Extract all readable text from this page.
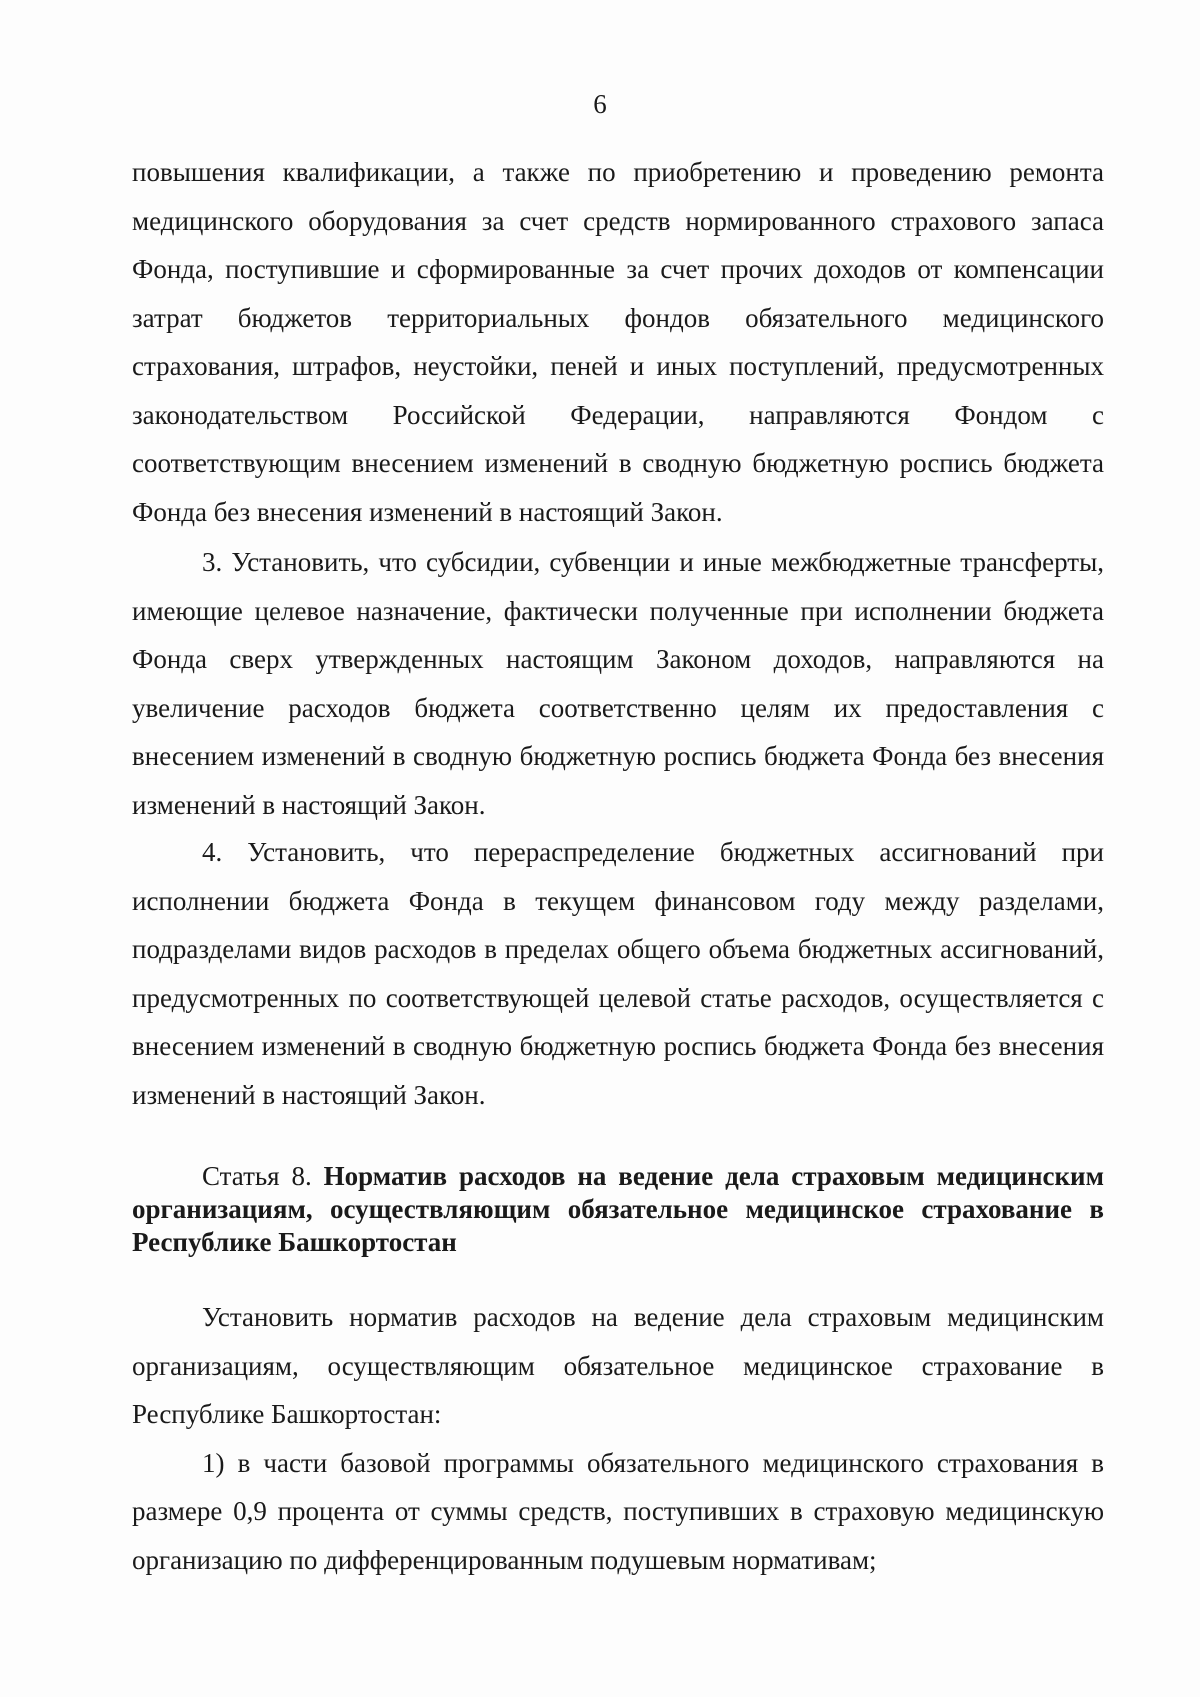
6

повышения квалификации, а также по приобретению и проведению ремонта медицинского оборудования за счет средств нормированного страхового запаса Фонда, поступившие и сформированные за счет прочих доходов от компенсации затрат бюджетов территориальных фондов обязательного медицинского страхования, штрафов, неустойки, пеней и иных поступлений, предусмотренных законодательством Российской Федерации, направляются Фондом с соответствующим внесением изменений в сводную бюджетную роспись бюджета Фонда без внесения изменений в настоящий Закон.

3. Установить, что субсидии, субвенции и иные межбюджетные трансферты, имеющие целевое назначение, фактически полученные при исполнении бюджета Фонда сверх утвержденных настоящим Законом доходов, направляются на увеличение расходов бюджета соответственно целям их предоставления с внесением изменений в сводную бюджетную роспись бюджета Фонда без внесения изменений в настоящий Закон.

4. Установить, что перераспределение бюджетных ассигнований при исполнении бюджета Фонда в текущем финансовом году между разделами, подразделами видов расходов в пределах общего объема бюджетных ассигнований, предусмотренных по соответствующей целевой статье расходов, осуществляется с внесением изменений в сводную бюджетную роспись бюджета Фонда без внесения изменений в настоящий Закон.

Статья 8. Норматив расходов на ведение дела страховым медицинским организациям, осуществляющим обязательное медицинское страхование в Республике Башкортостан

Установить норматив расходов на ведение дела страховым медицинским организациям, осуществляющим обязательное медицинское страхование в Республике Башкортостан:

1) в части базовой программы обязательного медицинского страхования в размере 0,9 процента от суммы средств, поступивших в страховую медицинскую организацию по дифференцированным подушевым нормативам;
